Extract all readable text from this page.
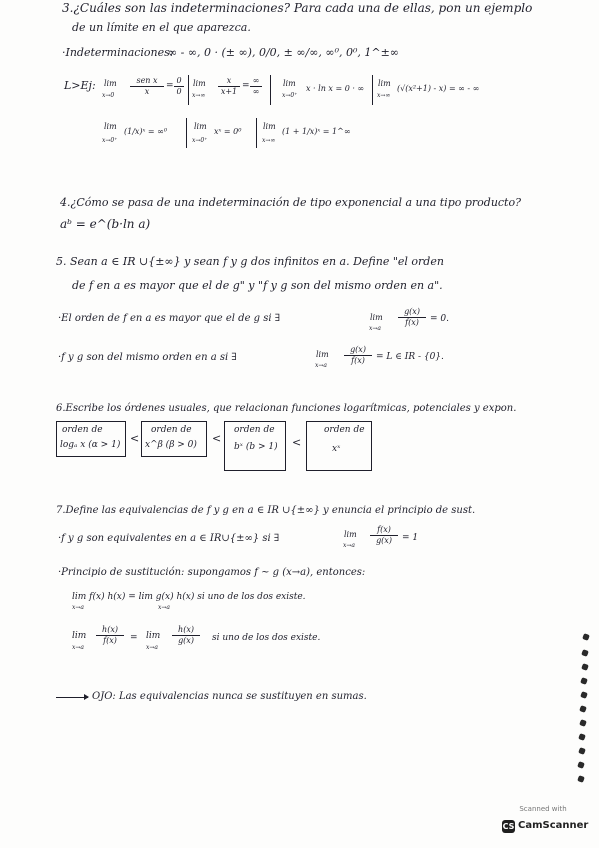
3.¿Cuáles son las indeterminaciones? Para cada una de ellas, pon un ejemplo
de un límite en el que aparezca.
·Indeterminaciones:
∞ - ∞, 0 · (± ∞), 0/0, ± ∞/∞, ∞⁰, 0⁰, 1^±∞
L>Ej: lim
x→0
sen x
x
= $\frac{0}{0}$ lim
$x\to\infty \frac{x}{x+1}$ =
∞
∞
lim
x→0⁺
x · ln x = 0 · ∞
lim
x→∞
(√(x²+1) - x) = ∞ - ∞
lim
x→0⁺
(1/x)ˣ = ∞⁰
lim
x→0⁺
xˣ = 0⁰
lim
x→∞
(1 + 1/x)ˣ = 1^∞
4.¿Cómo se pasa de una indeterminación de tipo exponencial a una tipo producto?
aᵇ = e^(b·ln a)
5. Sean a ∈ IR ∪{±∞} y sean f y g dos infinitos en a. Define "el orden
de f en a es mayor que el de g" y "f y g son del mismo orden en a".
·El orden de f en a es mayor que el de g si ∃	lim
x→a
$\frac{g(x)}{f(x)} = 0$.
·f y g son del mismo orden en a si ∃	lim
x→a
$\frac{g(x)}{f(x)} = L$ ∈ IR - {0}.
6.Escribe los órdenes usuales, que relacionan funciones logarítmicas, potenciales y expon.
orden de
logₐ x (α > 1) <
orden de
x^β (β > 0) <
orden de
bˣ (b > 1) <
orden de
xˣ
7.Define las equivalencias de f y g en a ∈ IR ∪{±∞} y enuncia el principio de sust.
·f y g son equivalentes en a ∈ IR∪{±∞} si ∃	lim
x→a
$\frac{f(x)}{g(x)} = 1$
·Principio de sustitución: supongamos f ~ g (x→a), entonces:
lim f(x) h(x) = lim g(x) h(x) si uno de los dos existe.
x→a	x→a
lim
x→a
$\frac{h(x)}{f(x)} = \lim$
x→a
$\frac{h(x)}{g(x)}$ si uno de los dos existe.
OJO: Las equivalencias nunca se sustituyen en sumas.
Scanned with
CS CamScanner
